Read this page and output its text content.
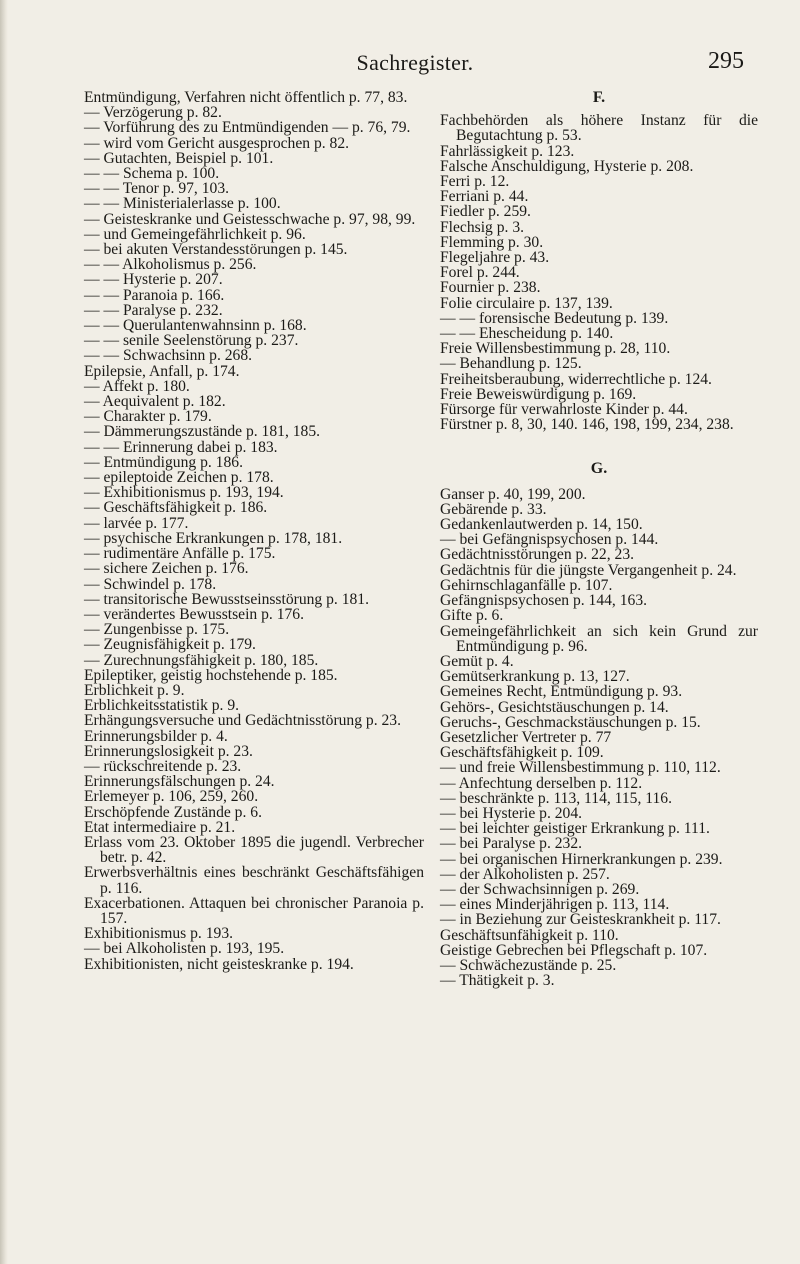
Sachregister.	295

Entmündigung, Verfahren nicht öffentlich p. 77, 83.

— Verzögerung p. 82.

— Vorführung des zu Entmündigenden — p. 76, 79.

— wird vom Gericht ausgesprochen p. 82.

— Gutachten, Beispiel p. 101.

— — Schema p. 100.

— — Tenor p. 97, 103.

— — Ministerialerlasse p. 100.

— Geisteskranke und Geistesschwache p. 97, 98, 99.

— und Gemeingefährlichkeit p. 96.

— bei akuten Verstandesstörungen p. 145.

— — Alkoholismus p. 256.

— — Hysterie p. 207.

— — Paranoia p. 166.

— — Paralyse p. 232.

— — Querulantenwahnsinn p. 168.

— — senile Seelenstörung p. 237.

— — Schwachsinn p. 268.

Epilepsie, Anfall, p. 174.

— Affekt p. 180.

— Aequivalent p. 182.

— Charakter p. 179.

— Dämmerungszustände p. 181, 185.

— — Erinnerung dabei p. 183.

— Entmündigung p. 186.

— epileptoide Zeichen p. 178.

— Exhibitionismus p. 193, 194.

— Geschäftsfähigkeit p. 186.

— larvée p. 177.

— psychische Erkrankungen p. 178, 181.

— rudimentäre Anfälle p. 175.

— sichere Zeichen p. 176.

— Schwindel p. 178.

— transitorische Bewusstseinsstörung p. 181.

— verändertes Bewusstsein p. 176.

— Zungenbisse p. 175.

— Zeugnisfähigkeit p. 179.

— Zurechnungsfähigkeit p. 180, 185.

Epileptiker, geistig hochstehende p. 185.

Erblichkeit p. 9.

Erblichkeitsstatistik p. 9.

Erhängungsversuche und Gedächtnisstörung p. 23.

Erinnerungsbilder p. 4.

Erinnerungslosigkeit p. 23.

— rückschreitende p. 23.

Erinnerungsfälschungen p. 24.

Erlemeyer p. 106, 259, 260.

Erschöpfende Zustände p. 6.

Etat intermediaire p. 21.

Erlass vom 23. Oktober 1895 die jugendl. Verbrecher betr. p. 42.

Erwerbsverhältnis eines beschränkt Geschäftsfähigen p. 116.

Exacerbationen. Attaquen bei chronischer Paranoia p. 157.

Exhibitionismus p. 193.

— bei Alkoholisten p. 193, 195.

Exhibitionisten, nicht geisteskranke p. 194.

F.

Fachbehörden als höhere Instanz für die Begutachtung p. 53.

Fahrlässigkeit p. 123.

Falsche Anschuldigung, Hysterie p. 208.

Ferri p. 12.

Ferriani p. 44.

Fiedler p. 259.

Flechsig p. 3.

Flemming p. 30.

Flegeljahre p. 43.

Forel p. 244.

Fournier p. 238.

Folie circulaire p. 137, 139.

— — forensische Bedeutung p. 139.

— — Ehescheidung p. 140.

Freie Willensbestimmung p. 28, 110.

— Behandlung p. 125.

Freiheitsberaubung, widerrechtliche p. 124.

Freie Beweiswürdigung p. 169.

Fürsorge für verwahrloste Kinder p. 44.

Fürstner p. 8, 30, 140. 146, 198, 199, 234, 238.

G.

Ganser p. 40, 199, 200.

Gebärende p. 33.

Gedankenlautwerden p. 14, 150.

— bei Gefängnispsychosen p. 144.

Gedächtnisstörungen p. 22, 23.

Gedächtnis für die jüngste Vergangenheit p. 24.

Gehirnschlaganfälle p. 107.

Gefängnispsychosen p. 144, 163.

Gifte p. 6.

Gemeingefährlichkeit an sich kein Grund zur Entmündigung p. 96.

Gemüt p. 4.

Gemütserkrankung p. 13, 127.

Gemeines Recht, Entmündigung p. 93.

Gehörs-, Gesichtstäuschungen p. 14.

Geruchs-, Geschmackstäuschungen p. 15.

Gesetzlicher Vertreter p. 77

Geschäftsfähigkeit p. 109.

— und freie Willensbestimmung p. 110, 112.

— Anfechtung derselben p. 112.

— beschränkte p. 113, 114, 115, 116.

— bei Hysterie p. 204.

— bei leichter geistiger Erkrankung p. 111.

— bei Paralyse p. 232.

— bei organischen Hirnerkrankungen p. 239.

— der Alkoholisten p. 257.

— der Schwachsinnigen p. 269.

— eines Minderjährigen p. 113, 114.

— in Beziehung zur Geisteskrankheit p. 117.

Geschäftsunfähigkeit p. 110.

Geistige Gebrechen bei Pflegschaft p. 107.

— Schwächezustände p. 25.

— Thätigkeit p. 3.
